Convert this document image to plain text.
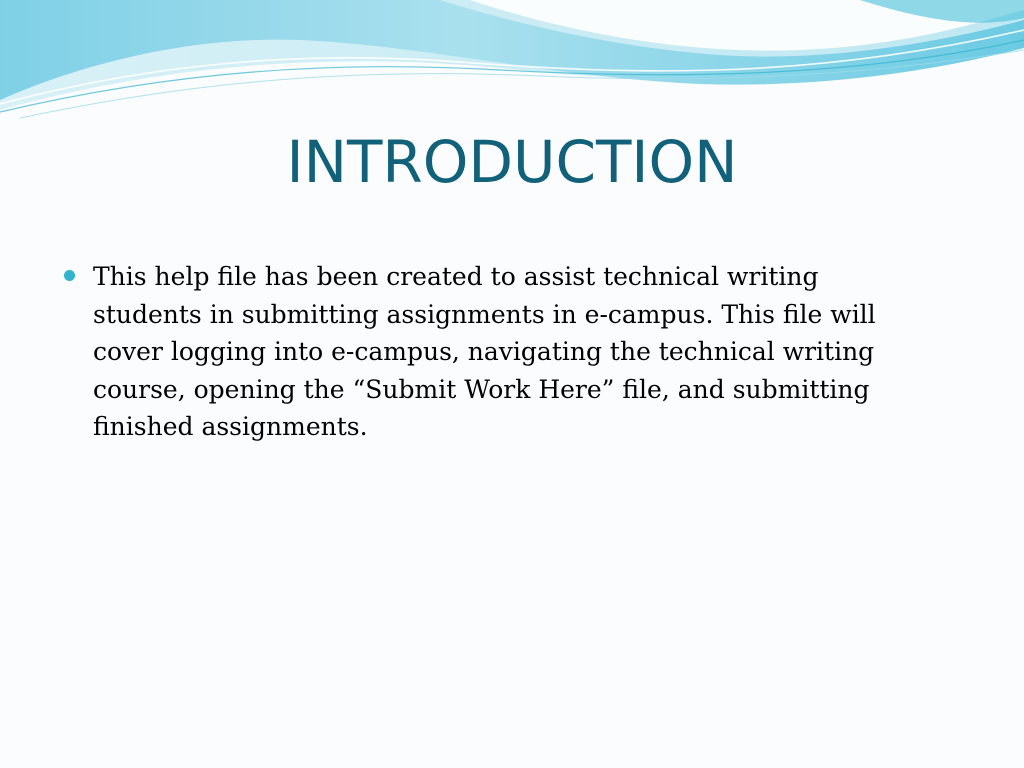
INTRODUCTION
This help file has been created to assist technical writing students in submitting assignments in e-campus. This file will cover logging into e-campus, navigating the technical writing course, opening the “Submit Work Here” file, and submitting finished assignments.
